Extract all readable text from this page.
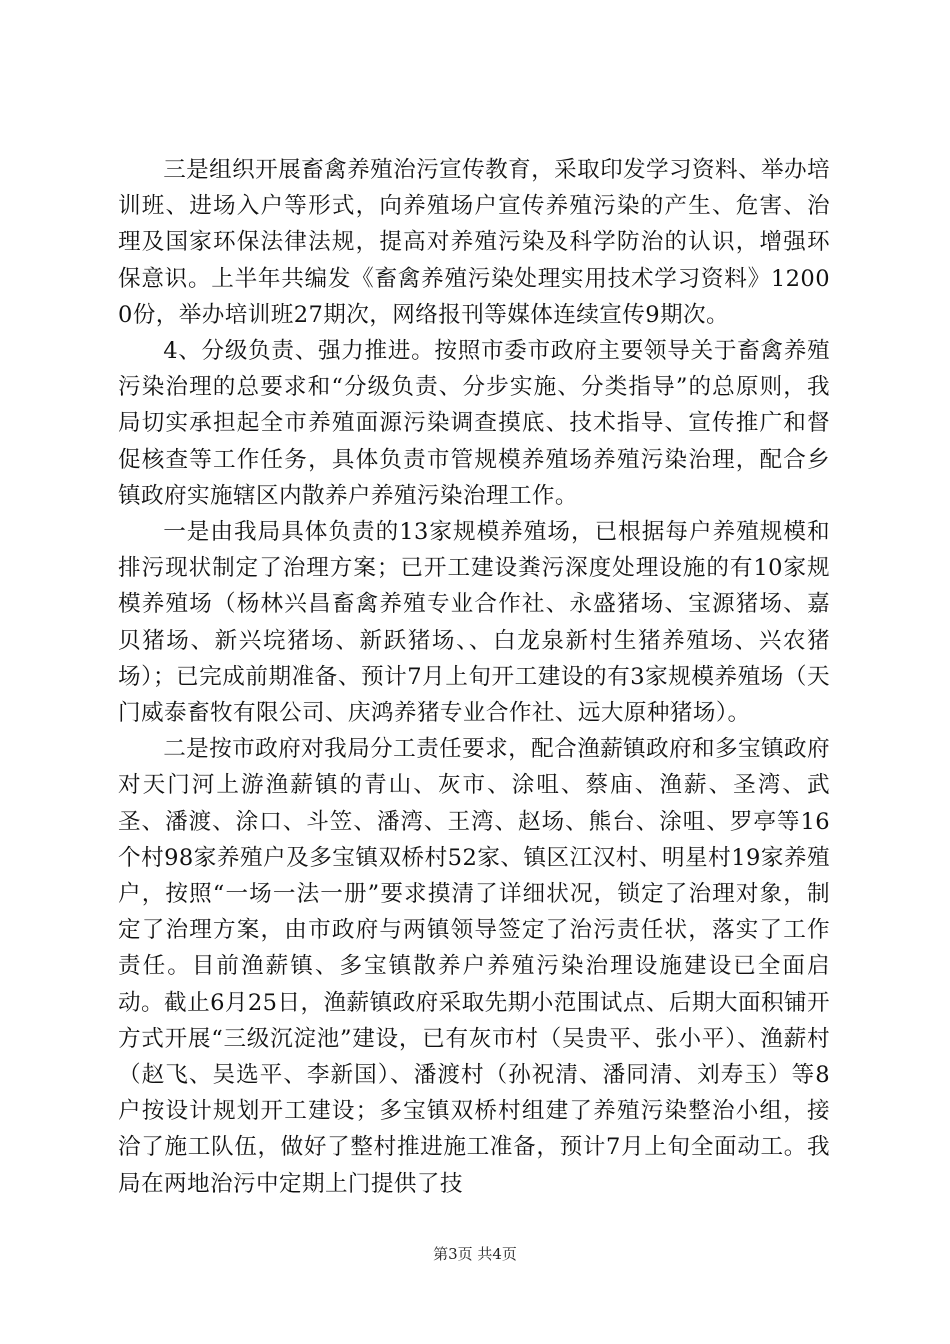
三是组织开展畜禽养殖治污宣传教育，采取印发学习资料、举办培训班、进场入户等形式，向养殖场户宣传养殖污染的产生、危害、治理及国家环保法律法规，提高对养殖污染及科学防治的认识，增强环保意识。上半年共编发《畜禽养殖污染处理实用技术学习资料》12000份，举办培训班27期次，网络报刊等媒体连续宣传9期次。

4、分级负责、强力推进。按照市委市政府主要领导关于畜禽养殖污染治理的总要求和“分级负责、分步实施、分类指导”的总原则，我局切实承担起全市养殖面源污染调查摸底、技术指导、宣传推广和督促核查等工作任务，具体负责市管规模养殖场养殖污染治理，配合乡镇政府实施辖区内散养户养殖污染治理工作。

一是由我局具体负责的13家规模养殖场，已根据每户养殖规模和排污现状制定了治理方案；已开工建设粪污深度处理设施的有10家规模养殖场（杨林兴昌畜禽养殖专业合作社、永盛猪场、宝源猪场、嘉贝猪场、新兴垸猪场、新跃猪场、、白龙泉新村生猪养殖场、兴农猪场）；已完成前期准备、预计7月上旬开工建设的有3家规模养殖场（天门威泰畜牧有限公司、庆鸿养猪专业合作社、远大原种猪场）。

二是按市政府对我局分工责任要求，配合渔薪镇政府和多宝镇政府对天门河上游渔薪镇的青山、灰市、涂咀、蔡庙、渔薪、圣湾、武圣、潘渡、涂口、斗笠、潘湾、王湾、赵场、熊台、涂咀、罗亭等16个村98家养殖户及多宝镇双桥村52家、镇区江汉村、明星村19家养殖户，按照“一场一法一册”要求摸清了详细状况，锁定了治理对象，制定了治理方案，由市政府与两镇领导签定了治污责任状，落实了工作责任。目前渔薪镇、多宝镇散养户养殖污染治理设施建设已全面启动。截止6月25日，渔薪镇政府采取先期小范围试点、后期大面积铺开方式开展“三级沉淀池”建设，已有灰市村（吴贵平、张小平）、渔薪村（赵飞、吴选平、李新国）、潘渡村（孙祝清、潘同清、刘寿玉）等8户按设计规划开工建设；多宝镇双桥村组建了养殖污染整治小组，接洽了施工队伍，做好了整村推进施工准备，预计7月上旬全面动工。我局在两地治污中定期上门提供了技

第3页 共4页
